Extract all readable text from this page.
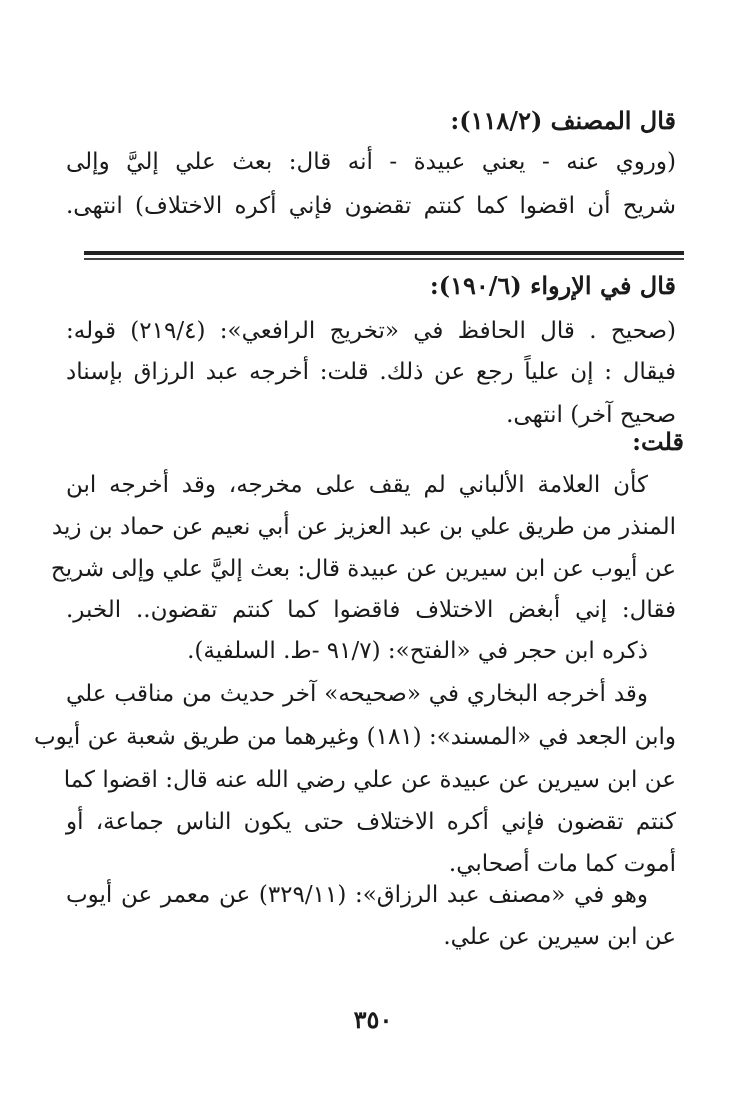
قال المصنف (١١٨/٢):

(وروي عنه - يعني عبيدة - أنه قال: بعث علي إليَّ وإلى

شريح أن اقضوا كما كنتم تقضون فإني أكره الاختلاف) انتهى.

قال في الإرواء (١٩٠/٦):

(صحيح . قال الحافظ في «تخريج الرافعي»: (٢١٩/٤) قوله:

فيقال : إن علياً رجع عن ذلك. قلت: أخرجه عبد الرزاق بإسناد

صحيح آخر) انتهى.

قلت:

كأن العلامة الألباني لم يقف على مخرجه، وقد أخرجه ابن

المنذر من طريق علي بن عبد العزيز عن أبي نعيم عن حماد بن زيد

عن أيوب عن ابن سيرين عن عبيدة قال: بعث إليَّ علي وإلى شريح

فقال: إني أبغض الاختلاف فاقضوا كما كنتم تقضون.. الخبر.

ذكره ابن حجر في «الفتح»: (٩١/٧ -ط. السلفية).

وقد أخرجه البخاري في «صحيحه» آخر حديث من مناقب علي

وابن الجعد في «المسند»: (١٨١) وغيرهما من طريق شعبة عن أيوب

عن ابن سيرين عن عبيدة عن علي رضي الله عنه قال: اقضوا كما

كنتم تقضون فإني أكره الاختلاف حتى يكون الناس جماعة، أو

أموت كما مات أصحابي.

وهو في «مصنف عبد الرزاق»: (٣٢٩/١١) عن معمر عن أيوب

عن ابن سيرين عن علي.

٣٥٠
